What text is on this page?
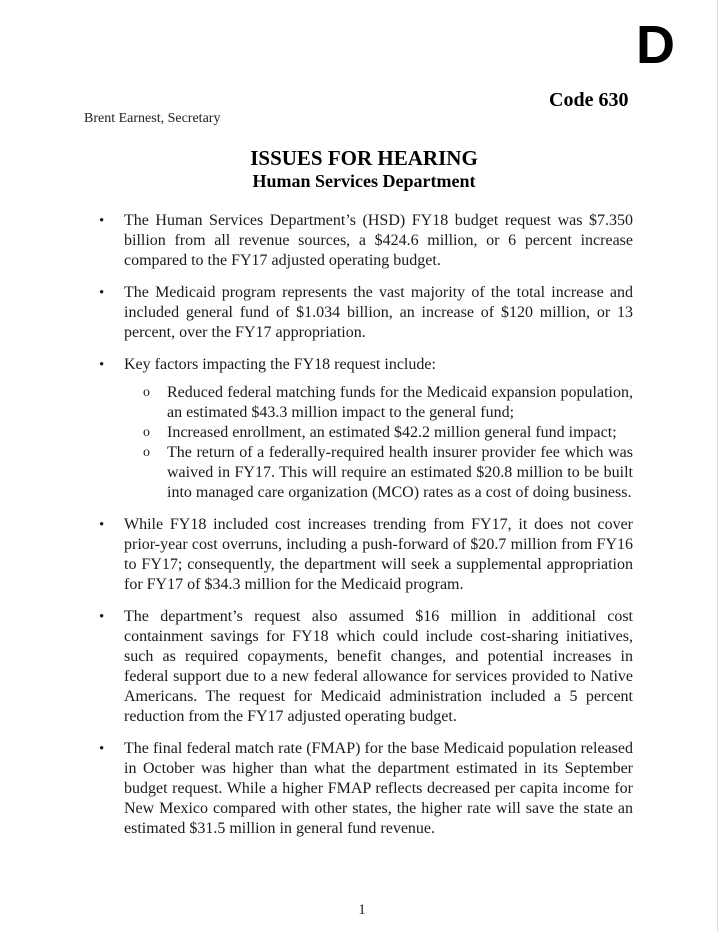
D
Code 630
Brent Earnest, Secretary
ISSUES FOR HEARING
Human Services Department
• The Human Services Department’s (HSD) FY18 budget request was $7.350 billion from all revenue sources, a $424.6 million, or 6 percent increase compared to the FY17 adjusted operating budget.
• The Medicaid program represents the vast majority of the total increase and included general fund of $1.034 billion, an increase of $120 million, or 13 percent, over the FY17 appropriation.
• Key factors impacting the FY18 request include:
o Reduced federal matching funds for the Medicaid expansion population, an estimated $43.3 million impact to the general fund;
o Increased enrollment, an estimated $42.2 million general fund impact;
o The return of a federally-required health insurer provider fee which was waived in FY17. This will require an estimated $20.8 million to be built into managed care organization (MCO) rates as a cost of doing business.
• While FY18 included cost increases trending from FY17, it does not cover prior-year cost overruns, including a push-forward of $20.7 million from FY16 to FY17; consequently, the department will seek a supplemental appropriation for FY17 of $34.3 million for the Medicaid program.
• The department’s request also assumed $16 million in additional cost containment savings for FY18 which could include cost-sharing initiatives, such as required copayments, benefit changes, and potential increases in federal support due to a new federal allowance for services provided to Native Americans. The request for Medicaid administration included a 5 percent reduction from the FY17 adjusted operating budget.
• The final federal match rate (FMAP) for the base Medicaid population released in October was higher than what the department estimated in its September budget request. While a higher FMAP reflects decreased per capita income for New Mexico compared with other states, the higher rate will save the state an estimated $31.5 million in general fund revenue.
1
